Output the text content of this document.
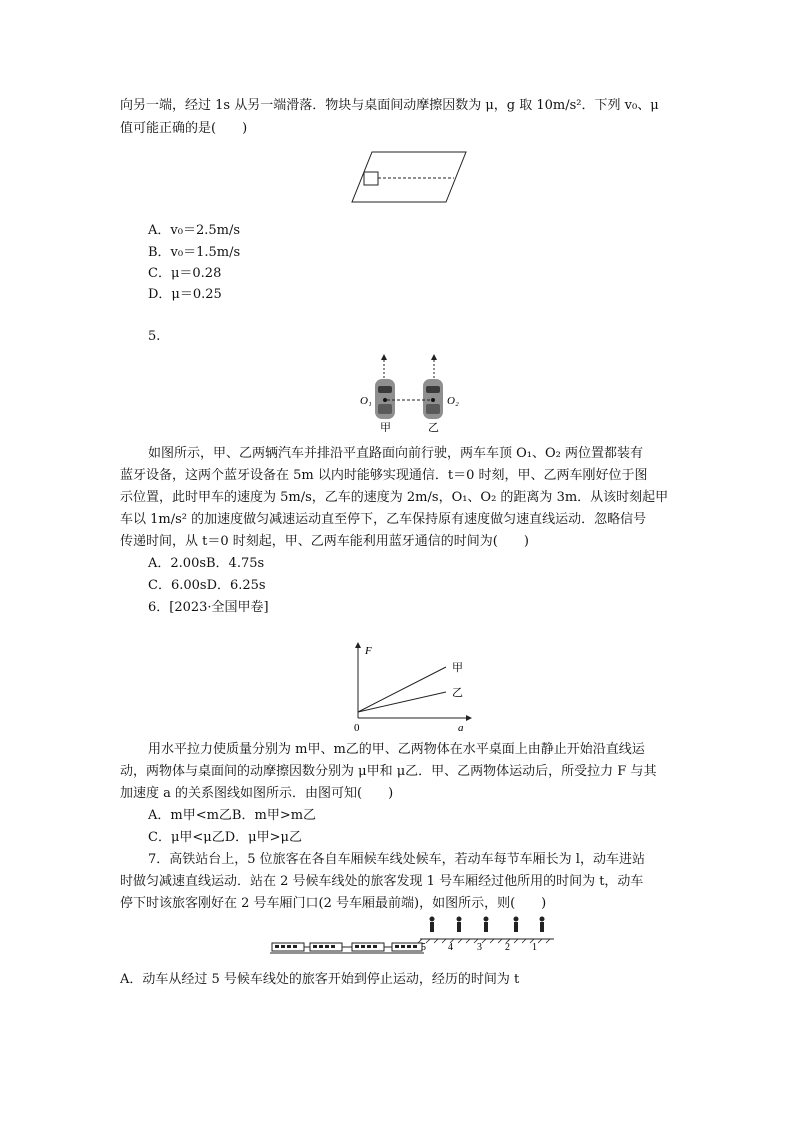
向另一端，经过 1s 从另一端滑落．物块与桌面间动摩擦因数为 μ，g 取 10m/s²．下列 v₀、μ
值可能正确的是(　　)
A．v₀＝2.5m/s
B．v₀＝1.5m/s
C．μ＝0.28
D．μ＝0.25
5.
O₁	O₂
甲	乙
如图所示，甲、乙两辆汽车并排沿平直路面向前行驶，两车车顶 O₁、O₂ 两位置都装有
蓝牙设备，这两个蓝牙设备在 5m 以内时能够实现通信．t＝0 时刻，甲、乙两车刚好位于图
示位置，此时甲车的速度为 5m/s，乙车的速度为 2m/s，O₁、O₂ 的距离为 3m．从该时刻起甲
车以 1m/s² 的加速度做匀减速运动直至停下，乙车保持原有速度做匀速直线运动．忽略信号
传递时间，从 t＝0 时刻起，甲、乙两车能利用蓝牙通信的时间为(　　)
A．2.00sB．4.75s
C．6.00sD．6.25s
6．[2023·全国甲卷]
F
a
0
甲
乙
用水平拉力使质量分别为 m甲、m乙的甲、乙两物体在水平桌面上由静止开始沿直线运
动，两物体与桌面间的动摩擦因数分别为 μ甲和 μ乙．甲、乙两物体运动后，所受拉力 F 与其
加速度 a 的关系图线如图所示．由图可知(　　)
A．m甲<m乙B．m甲>m乙
C．μ甲<μ乙D．μ甲>μ乙
7．高铁站台上，5 位旅客在各自车厢候车线处候车，若动车每节车厢长为 l，动车进站
时做匀减速直线运动．站在 2 号候车线处的旅客发现 1 号车厢经过他所用的时间为 t，动车
停下时该旅客刚好在 2 号车厢门口(2 号车厢最前端)，如图所示，则(　　)
5 4 3 2 1
A．动车从经过 5 号候车线处的旅客开始到停止运动，经历的时间为 t
